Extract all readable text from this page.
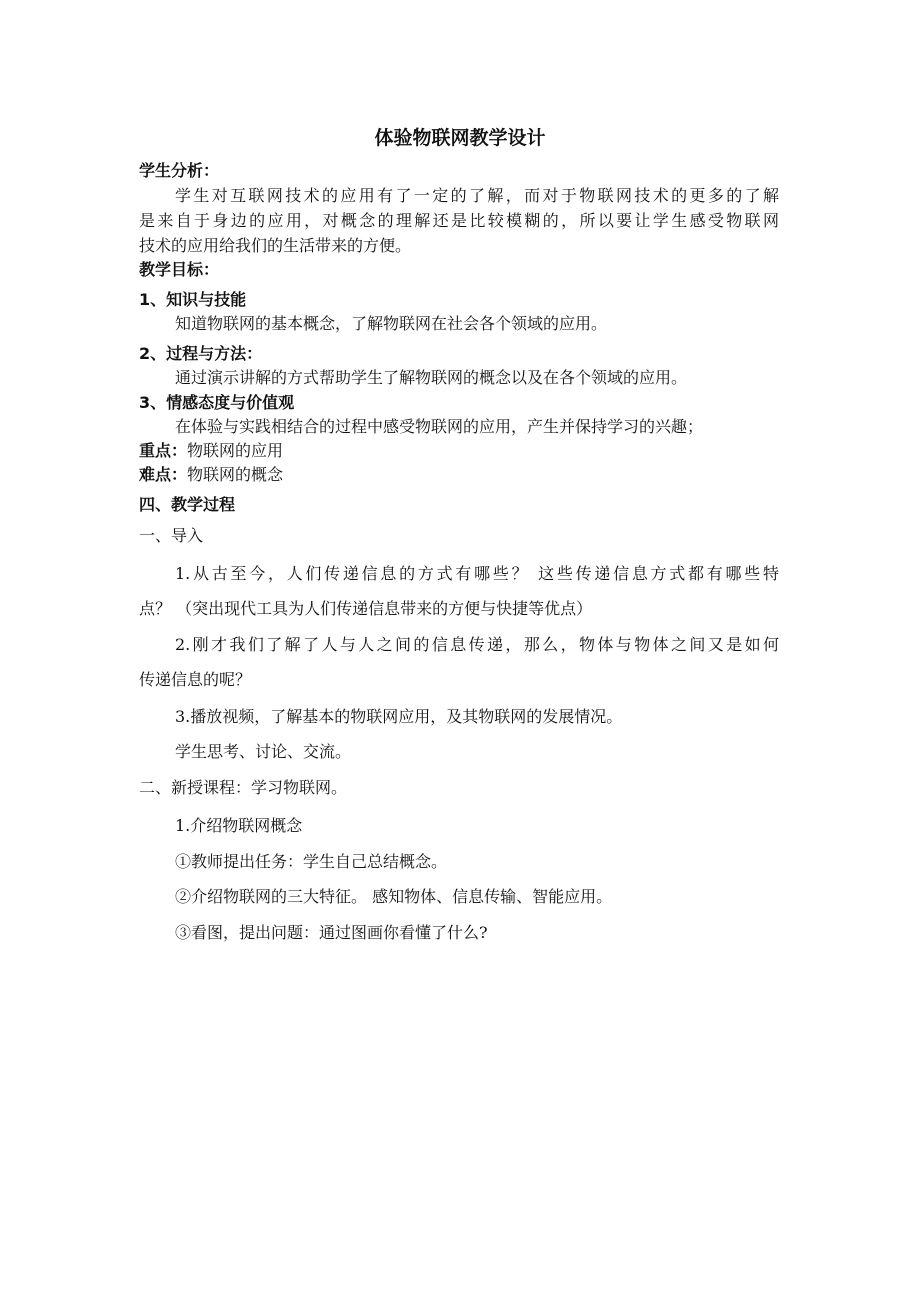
体验物联网教学设计
学生分析：
学生对互联网技术的应用有了一定的了解，而对于物联网技术的更多的了解
是来自于身边的应用，对概念的理解还是比较模糊的，所以要让学生感受物联网
技术的应用给我们的生活带来的方便。
教学目标：
1、知识与技能
知道物联网的基本概念，了解物联网在社会各个领域的应用。
2、过程与方法：
通过演示讲解的方式帮助学生了解物联网的概念以及在各个领域的应用。
3、情感态度与价值观
在体验与实践相结合的过程中感受物联网的应用，产生并保持学习的兴趣；
重点：物联网的应用
难点：物联网的概念
四、教学过程
一、导入
1.从古至今，人们传递信息的方式有哪些？ 这些传递信息方式都有哪些特
点？ （突出现代工具为人们传递信息带来的方便与快捷等优点）
2.刚才我们了解了人与人之间的信息传递，那么，物体与物体之间又是如何
传递信息的呢？
3.播放视频，了解基本的物联网应用，及其物联网的发展情况。
学生思考、讨论、交流。
二、新授课程：学习物联网。
1.介绍物联网概念
①教师提出任务：学生自己总结概念。
②介绍物联网的三大特征。 感知物体、信息传输、智能应用。
③看图，提出问题：通过图画你看懂了什么?
